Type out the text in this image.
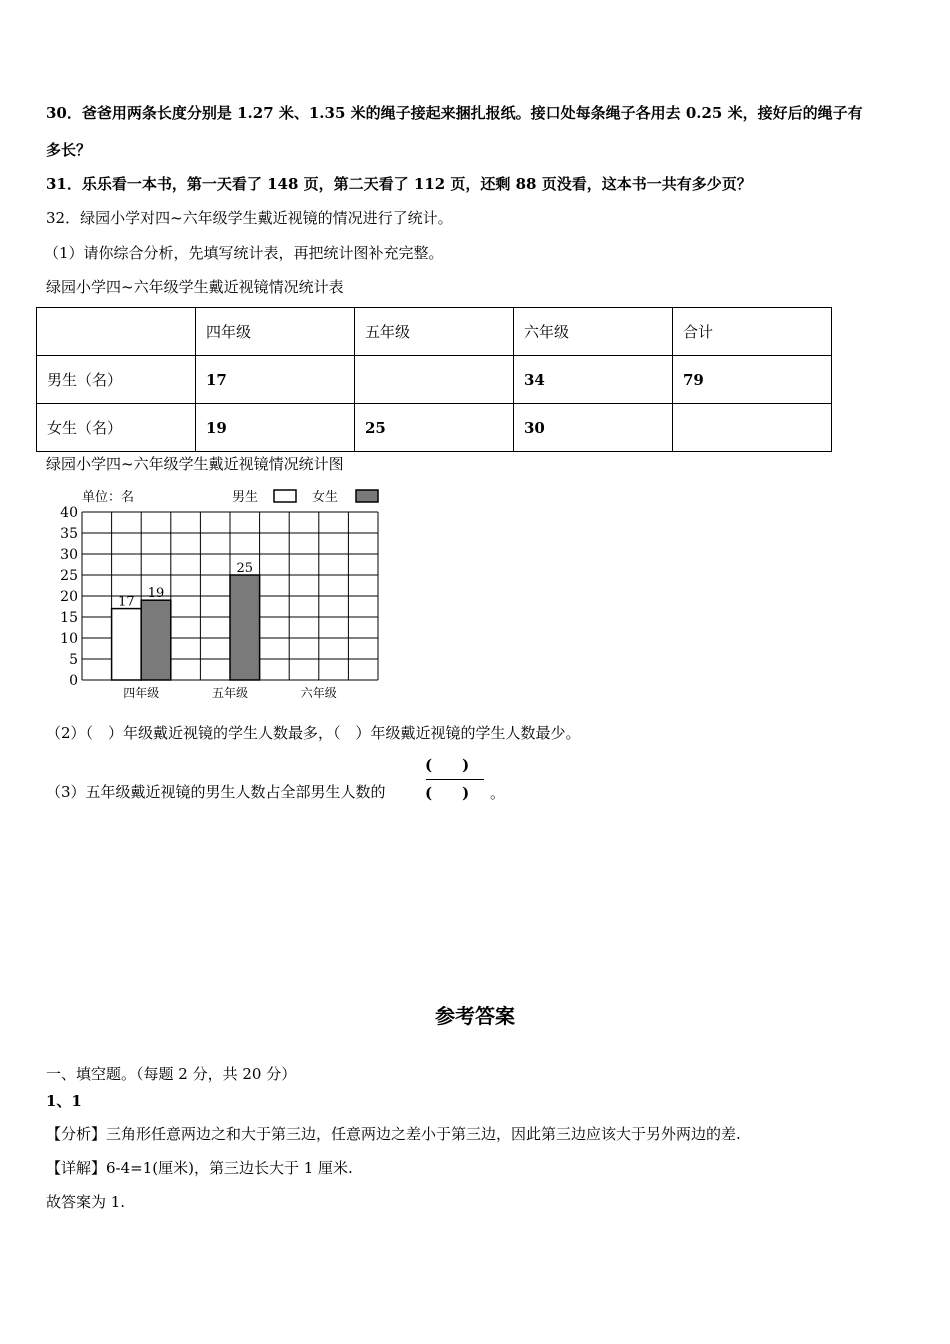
30．爸爸用两条长度分别是 1.27 米、1.35 米的绳子接起来捆扎报纸。接口处每条绳子各用去 0.25 米，接好后的绳子有
多长？
31．乐乐看一本书，第一天看了 148 页，第二天看了 112 页，还剩 88 页没看，这本书一共有多少页？
32．绿园小学对四~六年级学生戴近视镜的情况进行了统计。
（1）请你综合分析，先填写统计表，再把统计图补充完整。
绿园小学四~六年级学生戴近视镜情况统计表
	四年级	五年级	六年级	合计
男生（名）	17		34	79
女生（名）	19	25	30	
绿园小学四~六年级学生戴近视镜情况统计图
单位：名	男生	女生
0
5
10
15
20
25
30
35
40
17
19
四年级
25
五年级	六年级
（2）（　）年级戴近视镜的学生人数最多，（　）年级戴近视镜的学生人数最少。
（3）五年级戴近视镜的男生人数占全部男生人数的
(　　)
(　　) 。
参考答案
一、填空题。（每题 2 分，共 20 分）
1、1
【分析】三角形任意两边之和大于第三边，任意两边之差小于第三边，因此第三边应该大于另外两边的差.
【详解】6-4=1(厘米)，第三边长大于 1 厘米.
故答案为 1.
